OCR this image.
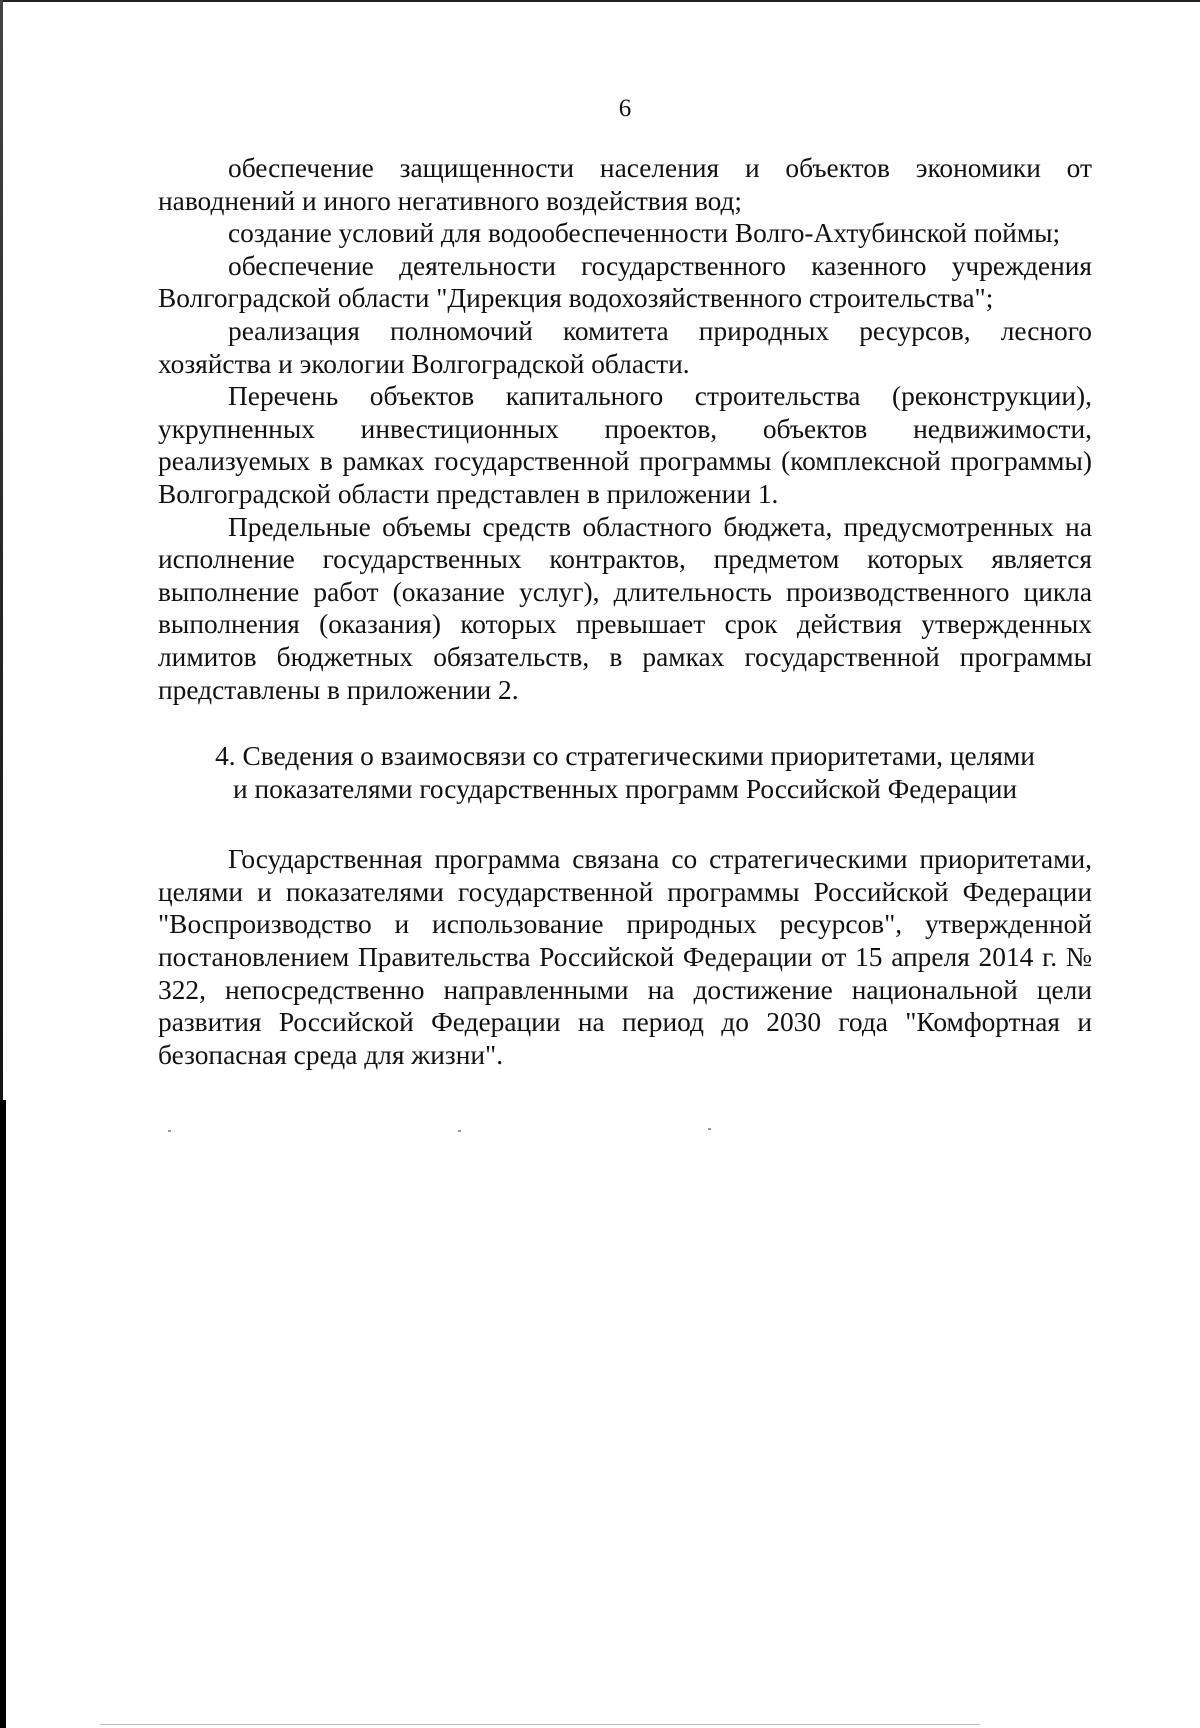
6

обеспечение защищенности населения и объектов экономики от наводнений и иного негативного воздействия вод;

создание условий для водообеспеченности Волго-Ахтубинской поймы;

обеспечение деятельности государственного казенного учреждения Волгоградской области "Дирекция водохозяйственного строительства";

реализация полномочий комитета природных ресурсов, лесного хозяйства и экологии Волгоградской области.

Перечень объектов капитального строительства (реконструкции), укрупненных инвестиционных проектов, объектов недвижимости, реализуемых в рамках государственной программы (комплексной программы) Волгоградской области представлен в приложении 1.

Предельные объемы средств областного бюджета, предусмотренных на исполнение государственных контрактов, предметом которых является выполнение работ (оказание услуг), длительность производственного цикла выполнения (оказания) которых превышает срок действия утвержденных лимитов бюджетных обязательств, в рамках государственной программы представлены в приложении 2.

4. Сведения о взаимосвязи со стратегическими приоритетами, целями
и показателями государственных программ Российской Федерации

Государственная программа связана со стратегическими приоритетами, целями и показателями государственной программы Российской Федерации "Воспроизводство и использование природных ресурсов", утвержденной постановлением Правительства Российской Федерации от 15 апреля 2014 г. № 322, непосредственно направленными на достижение национальной цели развития Российской Федерации на период до 2030 года "Комфортная и безопасная среда для жизни".
